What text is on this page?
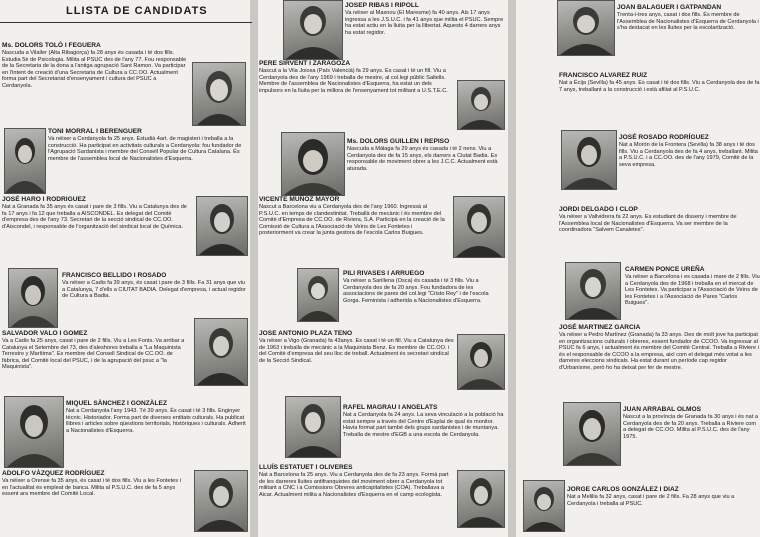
LLISTA DE CANDIDATS
Ms. DOLORS TOLÓ I FEGUERA
Nascuda a Vilaller (Alta Ribagorça) fa 28 anys és casada i té dos fills. Estudia 5è de Psicologia. Milita al PSUC des de l'any 77. Fou responsable de la Secretaria de la dona a l'antiga agrupació Sant Ramon. Va participar en l'intent de creació d'una Secretaria de Cultura a CC.OO. Actualment forma part del Secretariat d'ensenyament i cultura del PSUC a Cerdanyola.
TONI MORRAL I BERENGUER
Va néixer a Cerdanyola fa 25 anys. Estudià 4art. de magisteri i treballa a la construcció. Ha participat en activitats culturals a Cerdanyola: fou fundador de l'Agrupació Sardanista i membre del Consell Popular de Cultura Catalana. És membre de l'assemblea local de Nacionalistes d'Esquerra.
JOSÉ HARO I RODRIGUEZ
Nat a Granada fa 35 anys és casat i pare de 3 fills. Viu a Catalunya des de fa 17 anys i fa 12 que treballa a AISCONDEL. Es delegat del Comitè d'empresa des de l'any 73. Secretari de la secció sindical de CC.OO. d'Aiscondel, i responsable de l'organització del sindicat local de Química.
FRANCISCO BELLIDO I ROSADO
Va néixer a Cadis fa 39 anys, és casat i pare de 3 fills. Fa 31 anys que viu a Catalunya, 7 d'ells a CIUTAT BADIA. Delegat d'empresa, i actual regidor de Cultura a Badia.
SALVADOR VALO I GOMEZ
Va a Cadis fa 25 anys, casat i pare de 2 fills. Viu a Les Fonts. Va arribar a Catalunya el Setembre del 73, des d'aleshores treballa a "La Maquinista Terrestre y Marítima". Es membre del Consell Sindical de CC.OO. de fàbrica, del Comitè local del PSUC, i de la agrupació del psuc a "la Maquinista".
MIQUEL SÀNCHEZ I GONZÀLEZ
Nat a Cerdanyola l'any 1943. Té 39 anys. És casat i té 3 fills. Enginyer tècnic. Historiador. Forma part de diverses entitats culturals. Ha publicat llibres i articles sobre qüestions territorials, històriques i culturals. Adherit a Nacionalistes d'Esquerra.
ADOLFO VÀZQUEZ RODRÍGUEZ
Va néixer a Orense fa 35 anys, és casat i té dos fills. Viu a les Fontetes i en l'actualitat és empleat de banca. Milita al P.S.U.C. des de fa 5 anys essent ara membre del Comitè Local.
JOSEP RIBAS I RIPOLL
Va néixer al Masnou (El Maresme) fa 40 anys. Als 17 anys ingressa a les J.S.U.C. i fa 41 anys que milita el PSUC. Sempre ha estat actiu en la lluita per la llibertat. Aquests 4 darrers anys ha estat regidor.
PERE SIRVENT I ZARAGOZA
Nascut a la Vila Joiosa (País Valencià) fa 29 anys. Es casat i té un fill. Viu a Cerdanyola des de l'any 1969 i treballa de mestre, al col.legi públic Saltells. Membre de l'assemblea de Nacionalistes d'Esquerra, ha estat un dels impulsors en la lluita per la millora de l'ensenyament tot militant a U.S.T.E.C.
Ms. DOLORS GUILLEN I REPISO
Nascuda a Màlaga fa 29 anys és casada i té 2 nens. Viu a Cerdanyola des de fa 15 anys, els darrers a Ciutat Badia. Es responsable de moviment obrer a les J.C.C. Actualment està aturada.
VICENTE MUÑOZ MAYOR
Nascut a Barcelona viu a Cerdanyola des de l'any 1960. Ingressà al P.S.U.C. en temps de clandestinitat. Treballà de mecànic i és membre del Comitè d'Empresa de CC.OO. de Riviera, S.A. Participà en la creació de la Comissió de Cultura a l'Associació de Veïns de Les Fontetes i posteriorment va crear la junta gestora de l'escola Carlos Buigues.
PILI RIVASES I ARRUEGO
Va néixer a Sarillena (Osca) és casada i té 3 fills. Viu a Cerdanyola des de fa 20 anys. Fou fundadora de les associacions de pares del col.legi "Cristo Rey" i de l'escola Gorga. Feminista i adherida a Nacionalistes d'Esquerra.
JOSE ANTONIO PLAZA TENO
Va néixer a Vigo (Granada) fa 43anys. Es casat i té un fill. Viu a Catalunya des de 1963 i treballa de mecànic a la Maquinista Benz. Es membre de CC.OO. i del Comitè d'empresa del seu lloc de treball. Actualment és secretari sindical de la Secció Sindical.
RAFEL MAGRAU I ANGELATS
Nat a Cerdanyola fa 24 anys. La seva vinculació a la població ha estat sempre a través del Centre d'Esplai de qual és monitor. Havia format part també dels grups sardanistes i de muntanya. Treballa de mestre d'EGB a una escola de Cerdanyola.
LLUÍS ESTATUET I OLIVERES
Nat a Barcelona fa 25 anys. Viu a Cerdanyola des de fa 23 anys. Formà part de les darreres lluites antifranquistes del moviment obrer a Cerdanyola tot militant a CNC i a Comissions Obreres anticapitalistes (COA). Treballava a Aicar. Actualment milita a Nacionalistes d'Esquerra en el camp ecologista.
JOAN BALAGUER I GATPANDAN
Trenta-i-tres anys, casat i dos fills. És membre de l'Assemblea de Nacionalistes d'Esquerra de Cerdanyola i s'ha destacat en les lluites per la escolarització.
FRANCISCO ALVAREZ RUIZ
Nat a Écija (Sevilla) fa 45 anys. Es casat i té dos fills. Viu a Cerdanyola des de fa 7 anys, treballant a la construcció i està afiliat al P.S.U.C.
JOSÉ ROSADO RODRÍGUEZ
Nat a Morón de la Frontera (Sevilla) fa 38 anys i té dos fills. Viu a Cerdanyola des de fa 4 anys, treballant. Milita a P.S.U.C. i a CC.OO. des de l'any 1979, Comitè de la seva empresa.
JORDI DELGADO I CLOP
Va néixer a Vallvidrera fa 22 anys. Es estudiant de disseny i membre de l'Assemblea local de Nacionalistes d'Esquerra. Va ser membre de la coordinadora "Salvem Canaletes".
CARMEN PONCE UREÑA
Va néixer a Barcelona i es casada i mare de 2 fills. Viu a Cerdanyola des de 1968 i treballa en el mercat de Les Fontetes. Va participar a l'Associació de Veïns de les Fontetes i a l'Associació de Pares "Carlos Buigues".
JOSÉ MARTINEZ GARCIA
Va néixer a Pedro Martínez (Granada) fa 33 anys. Des de molt jove ha participat en organitzacions culturals i obreres, essent fundador de CCOO. Va ingressar al PSUC fa 6 anys, i actualment és membre del Comitè Central. Treballa a Riviere i és el responsable de CCOO a la empresa, així com el delegat més votat a les darreres eleccions sindicals. Ha estat durant un període cap regidor d'Urbanisme, però ho ha deixat per fer de mestre.
JUAN ARRABAL OLMOS
Nascut a la província de Granada fa 30 anys i és nat a Cerdanyola des de fa 20 anys. Treballa a Riviere com a delegat de CC.OO. Milita al P.S.U.C. des de l'any 1975.
JORGE CARLOS GONZÁLEZ I DIAZ
Nat a Melilla fa 32 anys, casat i pare de 2 fills. Fa 28 anys que viu a Cerdanyola i treballa al PSUC.
